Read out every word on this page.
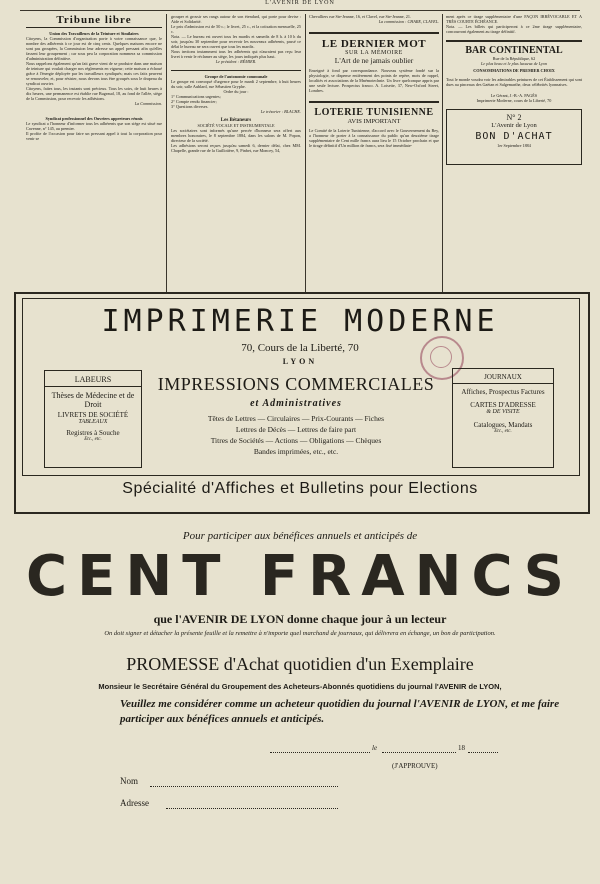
L'AVENIR DE LYON
Tribune libre
Union des Travailleurs de la Teinture et Similaires
Citoyens, la Commission d'organisation porte à votre connaissance que, le nombre des adhérents à ce jour est de cinq cents. Quelques maisons encore ne sont pas groupées, la Commission leur adresse un appel pressant afin qu'elles fassent leur groupement ; car sous peu la corporation nommera sa commission d'administration définitive.
Nous rappelons également qu'un fait grave vient de se produire dans une maison de teinture qui voulait charger nos règlements en vigueur; cette maison a échoué grâce à l'énergie déployée par les travailleurs syndiqués; mais ces faits peuvent se renouveler, et, pour résister, nous devons tous être groupés sous le drapeau du syndicat ouvrier.
Citoyens, faites tous, les instants sont précieux. Tous les soirs, de huit heures à dix heures, une permanence est établie rue Bugeaud, 18, au fond de l'allée, siège de la Commission, pour recevoir les adhésions.
La Commission.
Syndicat professionnel des Ouvriers appreteurs réunis
Le syndicat a l'honneur d'informer tous les adhérents que son siège est situé rue Cavenne, n° 145, au premier.
Il profite de l'occasion pour faire un pressant appel à tout la corporation pour venir se
grouper et grossir ses rangs autour de son étendard, qui porte pour devise : Aide et Solidarité.
Le prix d'admission est de 50 c.; le livret, 25 c., et la cotisation mensuelle, 25 c.
Nota. — Le bureau est ouvert tous les mardis et samedis de 8 h. à 10 h du soir, jusqu'au 30 septembre pour recevoir les nouveaux adhérents, passé ce délai le bureau ne sera ouvert que tous les mardis.
Nous invitons instamment tous les adhérents qui n'auraient pas reçu leur livret à venir le réclamer au siège, les jours indiqués plus haut.
Le président : RÉMIER.
Groupe de l'autonomie communale
Le groupe est convoqué d'urgence pour le mardi 2 septembre, à huit heures du soir, salle Aublard, rue Sébastien Gryphe.
Ordre du jour :
1° Communications urgentes;
2° Compte rendu financier;
3° Questions diverses.
Le trésorier : BLACHE.
Les Bétaneurs
SOCIÉTÉ VOCALE ET INSTRUMENTALE
Les sociétaires sont informés qu'une percée d'honneur sera offert aux membres honoraires, le 8 septembre 1884, dans les salons de M. Popon, directeur de la société.
Les adhésions seront reçues jusqu'au samedi 6, dernier délai, chez MM. Chapelle, grande rue de la Guillotière, 9, Pinbet, rue Moncey, 54,
Chevalliers rue Ste-Jeanne, 16, et Clavel, rue Ste-Jeanne, 21.
La commission : CHARE, CLAVEL.
LE DERNIER MOT
SUR LA MÉMOIRE
L'Art de ne jamais oublier
Enseigné à fond par correspondance. Nouveau système fondé sur la physiologie, se dispense entièrement des points de repère, mots de rappel, localités et associations de la Mnémotechnie. Un livre quelconque appris par une seule lecture. Prospectus franco. A. Loisette, 37, New-Oxford Street, Londres.
LOTERIE TUNISIENNE
AVIS IMPORTANT
Le Comité de la Loterie Tunisienne, d'accord avec le Gouvernement du Bey, a l'honneur de porter à la connaissance du public qu'un deuxième tirage supplémentaire de Cent mille francs aura lieu le 15 Octobre prochain et que le tirage définitif d'Un million de francs, sera fixé immédiate-
ment après ce tirage supplémentaire d'une FAÇON IRRÉVOCABLE ET A TRÈS COURTE ÉCHÉANCE.
Nota. — Les billets qui participeront à ce 2me tirage supplémentaire, concourront également au tirage définitif.
BAR CONTINENTAL
Rue de la République, 62
Le plus beau et le plus luxueux de Lyon
CONSOMMATIONS DE PREMIER CHOIX
Tout le monde voudra voir les admirables peintures de cet Établissement qui sont dues au pinceaux des Gaëtan et Salgemarthe, deux célébrités lyonnaises.
Le Gérant, J.-B.-A. PAGÈS
Imprimerie Moderne, cours de la Liberté, 70
N° 2
L'Avenir de Lyon
BON D'ACHAT
1er Septembre 1884
IMPRIMERIE MODERNE
70, Cours de la Liberté, 70
LYON
LABEURS
Thèses de Médecine et de Droit
LIVRETS DE SOCIÉTÉ
TABLEAUX
Registres à Souche
Etc., etc.
JOURNAUX
Affiches, Prospectus Factures
CARTES D'ADRESSE
& DE VISITE
Catalogues, Mandats
Etc., etc.
IMPRESSIONS COMMERCIALES
et Administratives
Têtes de Lettres — Circulaires — Prix-Courants — Fiches
Lettres de Décès — Lettres de faire part
Titres de Sociétés — Actions — Obligations — Chèques
Bandes imprimées, etc., etc.
Spécialité d'Affiches et Bulletins pour Elections
Pour participer aux bénéfices annuels et anticipés de
CENT FRANCS
que l'AVENIR DE LYON donne chaque jour à un lecteur
On doit signer et détacher la présente feuille et la remettre à n'importe quel marchand de journaux, qui délivrera en échange, un bon de participation.
PROMESSE d'Achat quotidien d'un Exemplaire
Monsieur le Secrétaire Général du Groupement des Acheteurs-Abonnés quotidiens du journal l'AVENIR de LYON,
Veuillez me considérer comme un acheteur quotidien du journal l'AVENIR de LYON, et me faire participer aux bénéfices annuels et anticipés.
le	18
(J'APPROUVE)
Nom
Adresse
